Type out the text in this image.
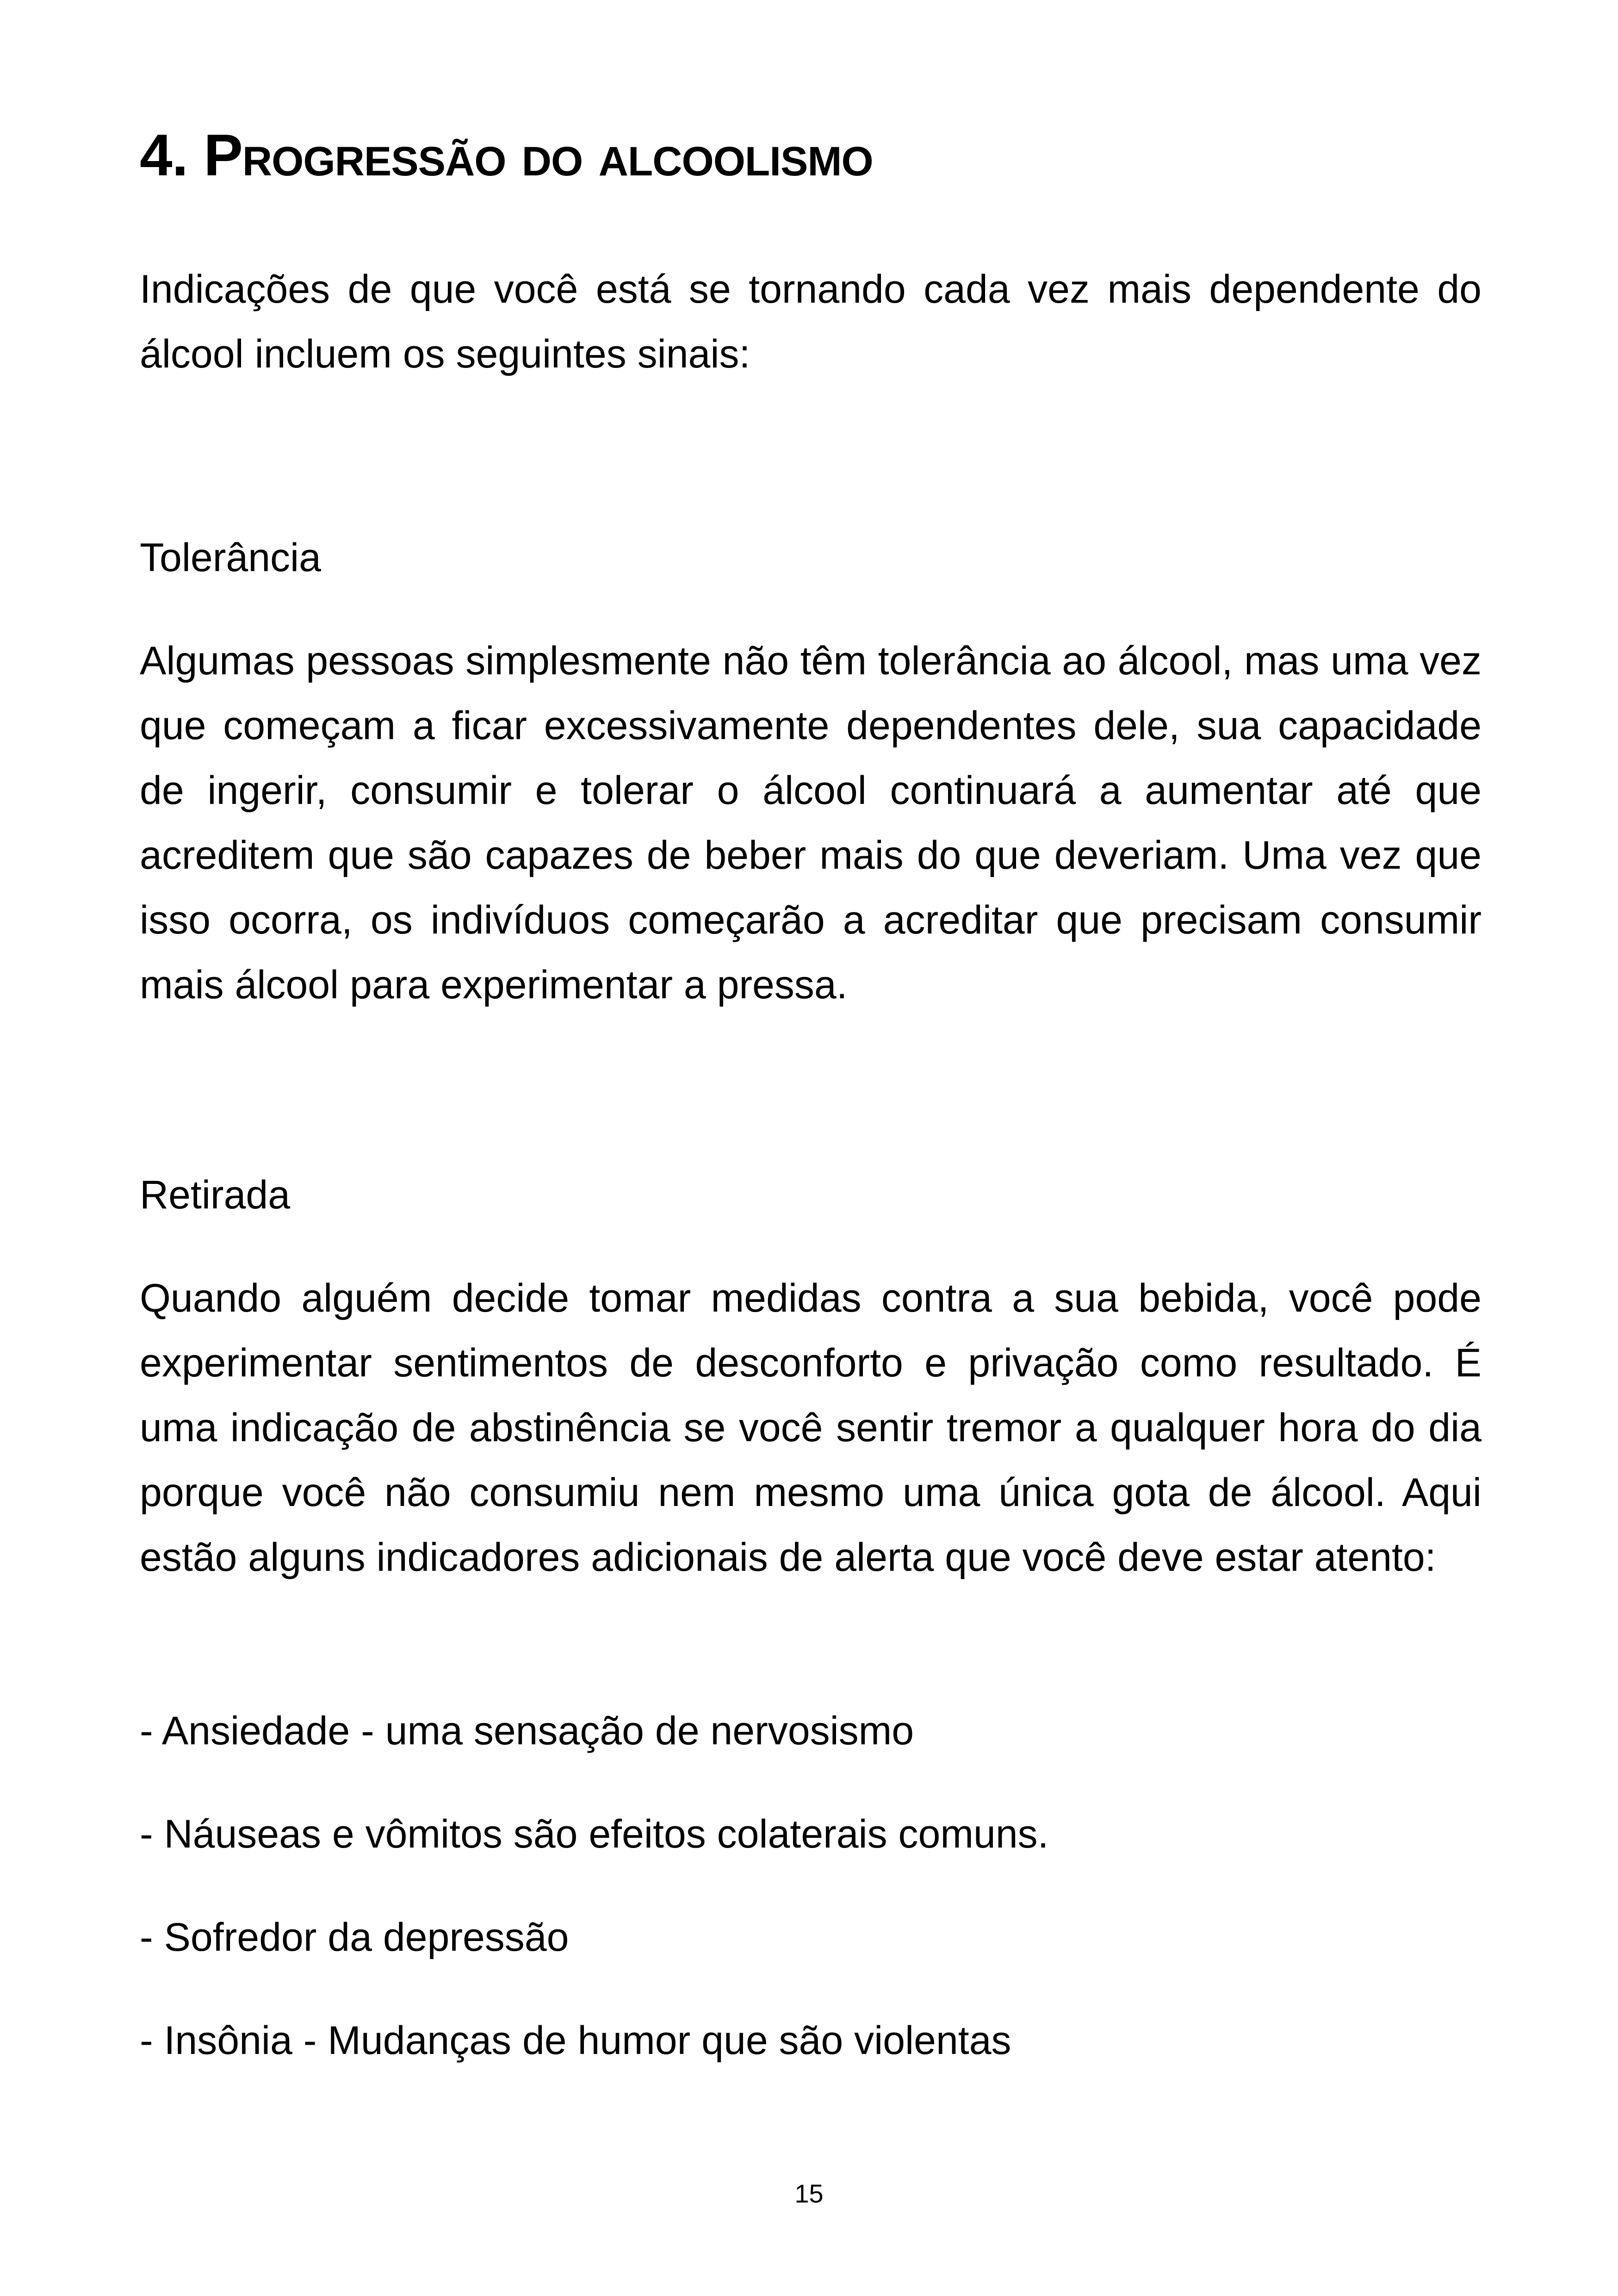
4. Progressão do alcoolismo

Indicações de que você está se tornando cada vez mais dependente do álcool incluem os seguintes sinais:

Tolerância

Algumas pessoas simplesmente não têm tolerância ao álcool, mas uma vez que começam a ficar excessivamente dependentes dele, sua capacidade de ingerir, consumir e tolerar o álcool continuará a aumentar até que acreditem que são capazes de beber mais do que deveriam. Uma vez que isso ocorra, os indivíduos começarão a acreditar que precisam consumir mais álcool para experimentar a pressa.

Retirada

Quando alguém decide tomar medidas contra a sua bebida, você pode experimentar sentimentos de desconforto e privação como resultado. É uma indicação de abstinência se você sentir tremor a qualquer hora do dia porque você não consumiu nem mesmo uma única gota de álcool. Aqui estão alguns indicadores adicionais de alerta que você deve estar atento:

- Ansiedade - uma sensação de nervosismo

- Náuseas e vômitos são efeitos colaterais comuns.

- Sofredor da depressão

- Insônia - Mudanças de humor que são violentas

15
